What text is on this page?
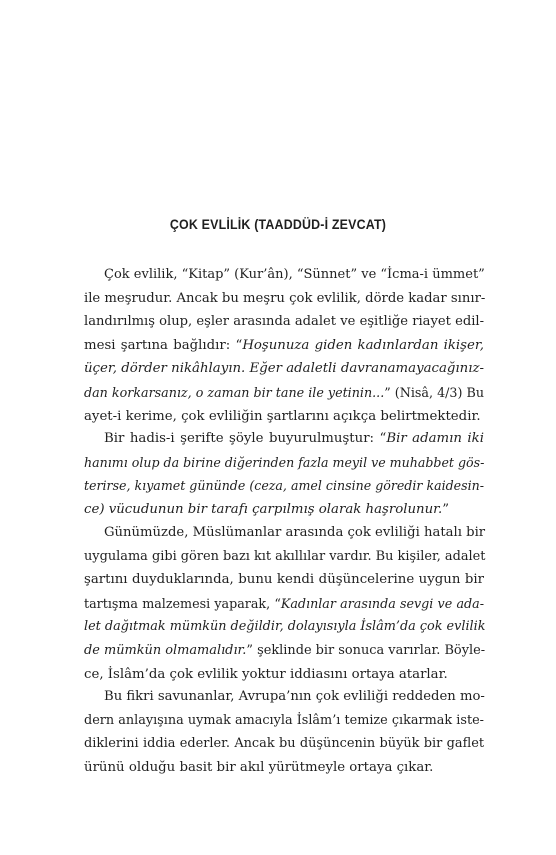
ÇOK EVLİLİK (TAADDÜD-İ ZEVCAT)
Çok evlilik, “Kitap” (Kur’ân), “Sünnet” ve “İcma-i ümmet”
ile meşrudur. Ancak bu meşru çok evlilik, dörde kadar sınır-
landırılmış olup, eşler arasında adalet ve eşitliğe riayet edil-
mesi şartına bağlıdır: “Hoşunuza giden kadınlardan ikişer,
üçer, dörder nikâhlayın. Eğer adaletli davranamayacağınız-
dan korkarsanız, o zaman bir tane ile yetinin...” (Nisâ, 4/3) Bu
ayet-i kerime, çok evliliğin şartlarını açıkça belirtmektedir.
Bir hadis-i şerifte şöyle buyurulmuştur: “Bir adamın iki
hanımı olup da birine diğerinden fazla meyil ve muhabbet gös-
terirse, kıyamet gününde (ceza, amel cinsine göredir kaidesin-
ce) vücudunun bir tarafı çarpılmış olarak haşrolunur.”
Günümüzde, Müslümanlar arasında çok evliliği hatalı bir
uygulama gibi gören bazı kıt akıllılar vardır. Bu kişiler, adalet
şartını duyduklarında, bunu kendi düşüncelerine uygun bir
tartışma malzemesi yaparak, “Kadınlar arasında sevgi ve ada-
let dağıtmak mümkün değildir, dolayısıyla İslâm’da çok evlilik
de mümkün olmamalıdır.” şeklinde bir sonuca varırlar. Böyle-
ce, İslâm’da çok evlilik yoktur iddiasını ortaya atarlar.
Bu fikri savunanlar, Avrupa’nın çok evliliği reddeden mo-
dern anlayışına uymak amacıyla İslâm’ı temize çıkarmak iste-
diklerini iddia ederler. Ancak bu düşüncenin büyük bir gaflet
ürünü olduğu basit bir akıl yürütmeyle ortaya çıkar.
